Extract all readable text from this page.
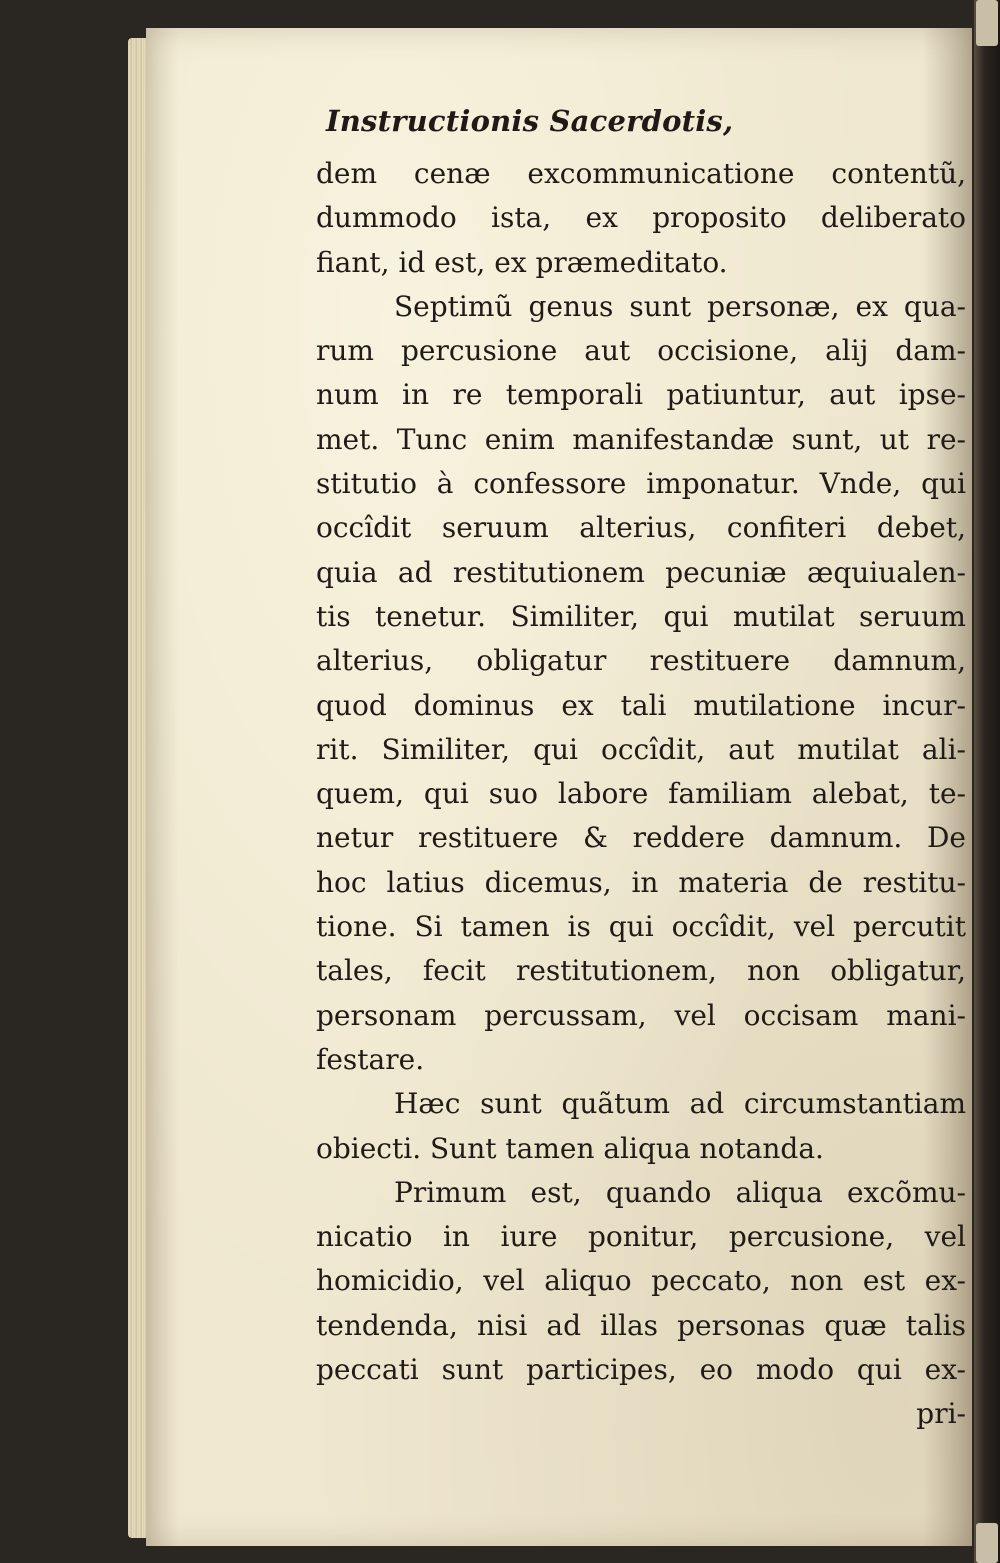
Instructionis Sacerdotis,
dem cenæ excommunicatione contentũ,
dummodo ista, ex proposito deliberato
fiant, id est, ex præmeditato.
Septimũ genus sunt personæ, ex qua-
rum percusione aut occisione, alij dam-
num in re temporali patiuntur, aut ipse-
met. Tunc enim manifestandæ sunt, ut re-
stitutio à confessore imponatur. Vnde, qui
occîdit seruum alterius, confiteri debet,
quia ad restitutionem pecuniæ æquiualen-
tis tenetur. Similiter, qui mutilat seruum
alterius, obligatur restituere damnum,
quod dominus ex tali mutilatione incur-
rit. Similiter, qui occîdit, aut mutilat ali-
quem, qui suo labore familiam alebat, te-
netur restituere & reddere damnum. De
hoc latius dicemus, in materia de restitu-
tione. Si tamen is qui occîdit, vel percutit
tales, fecit restitutionem, non obligatur,
personam percussam, vel occisam mani-
festare.
Hæc sunt quãtum ad circumstantiam
obiecti. Sunt tamen aliqua notanda.
Primum est, quando aliqua excõmu-
nicatio in iure ponitur, percusione, vel
homicidio, vel aliquo peccato, non est ex-
tendenda, nisi ad illas personas quæ talis
peccati sunt participes, eo modo qui ex-
pri-
